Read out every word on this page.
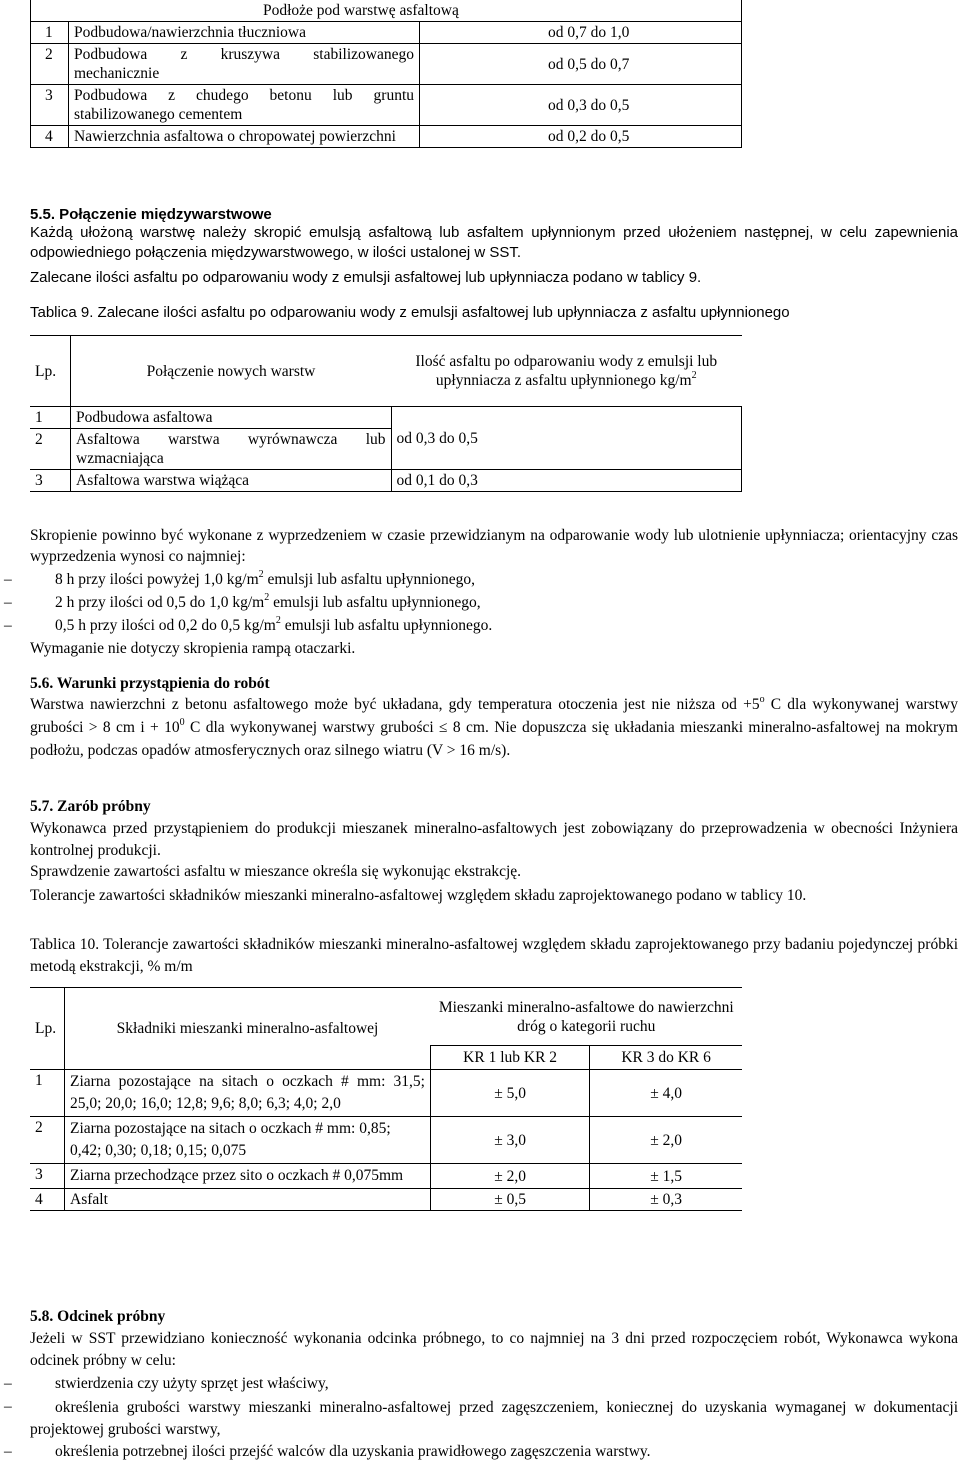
Podłoże pod warstwę asfaltową		
1	Podbudowa/nawierzchnia tłuczniowa	od 0,7 do 1,0
2	Podbudowa z kruszywa stabilizowanego mechanicznie	od 0,5 do 0,7
3	Podbudowa z chudego betonu lub gruntu stabilizowanego cementem	od 0,3 do 0,5
4	Nawierzchnia asfaltowa o chropowatej powierzchni	od 0,2 do 0,5
5.5. Połączenie międzywarstwowe

Każdą ułożoną warstwę należy skropić emulsją asfaltową lub asfaltem upłynnionym przed ułożeniem następnej, w celu zapewnienia odpowiedniego połączenia międzywarstwowego, w ilości ustalonej w SST.

Zalecane ilości asfaltu po odparowaniu wody z emulsji asfaltowej lub upłynniacza podano w tablicy 9.

Tablica 9. Zalecane ilości asfaltu po odparowaniu wody z emulsji asfaltowej lub upłynniacza z asfaltu upłynnionego

Lp.	Połączenie nowych warstw	Ilość asfaltu po odparowaniu wody z emulsji lub upłynniacza z asfaltu upłynnionego $kg/m^2$
1	Podbudowa asfaltowa	od 0,3 do 0,5
2	Asfaltowa warstwa wyrównawcza lub wzmacniająca	
3	Asfaltowa warstwa wiążąca	od 0,1 do 0,3

Skropienie powinno być wykonane z wyprzedzeniem w czasie przewidzianym na odparowanie wody lub ulotnienie upłynniacza; orientacyjny czas wyprzedzenia wynosi co najmniej:

–	8 h przy ilości powyżej 1,0 $kg/m^2$ emulsji lub asfaltu upłynnionego,
–	2 h przy ilości od 0,5 do 1,0 $kg/m^2$ emulsji lub asfaltu upłynnionego,
–	0,5 h przy ilości od 0,2 do 0,5 $kg/m^2$ emulsji lub asfaltu upłynnionego.

Wymaganie nie dotyczy skropienia rampą otaczarki.

5.6. Warunki przystąpienia do robót

Warstwa nawierzchni z betonu asfaltowego może być układana, gdy temperatura otoczenia jest nie niższa od $+5^o$ C dla wykonywanej warstwy grubości > 8 cm $i + 10^0$ C dla wykonywanej warstwy grubości ≤ 8 cm. Nie dopuszcza się układania mieszanki mineralno-asfaltowej na mokrym podłożu, podczas opadów atmosferycznych oraz silnego wiatru (V > 16 m/s).

5.7. Zarób próbny

Wykonawca przed przystąpieniem do produkcji mieszanek mineralno-asfaltowych jest zobowiązany do przeprowadzenia w obecności Inżyniera kontrolnej produkcji.

Sprawdzenie zawartości asfaltu w mieszance określa się wykonując ekstrakcję.

Tolerancje zawartości składników mieszanki mineralno-asfaltowej względem składu zaprojektowanego podano w tablicy 10.

Tablica 10. Tolerancje zawartości składników mieszanki mineralno-asfaltowej względem składu zaprojektowanego przy badaniu pojedynczej próbki metodą ekstrakcji, % m/m

Lp.	Składniki mieszanki mineralno-asfaltowej	Mieszanki mineralno-asfaltowe do nawierzchni dróg o kategorii ruchu	
		KR 1 lub KR 2	KR 3 do KR 6
1	Ziarna pozostające na sitach o oczkach # mm: 31,5; 25,0; 20,0; 16,0; 12,8; 9,6; 8,0; 6,3; 4,0; 2,0	± 5,0	± 4,0
2	Ziarna pozostające na sitach o oczkach # mm: 0,85; 0,42; 0,30; 0,18; 0,15; 0,075	± 3,0	± 2,0
3	Ziarna przechodzące przez sito o oczkach # 0,075mm	± 2,0	± 1,5
4	Asfalt	± 0,5	± 0,3
5.8. Odcinek próbny

Jeżeli w SST przewidziano konieczność wykonania odcinka próbnego, to co najmniej na 3 dni przed rozpoczęciem robót, Wykonawca wykona odcinek próbny w celu:

–	stwierdzenia czy użyty sprzęt jest właściwy,
–	określenia grubości warstwy mieszanki mineralno-asfaltowej przed zagęszczeniem, koniecznej do uzyskania wymaganej w dokumentacji projektowej grubości warstwy,

–	określenia potrzebnej ilości przejść walców dla uzyskania prawidłowego zagęszczenia warstwy.
